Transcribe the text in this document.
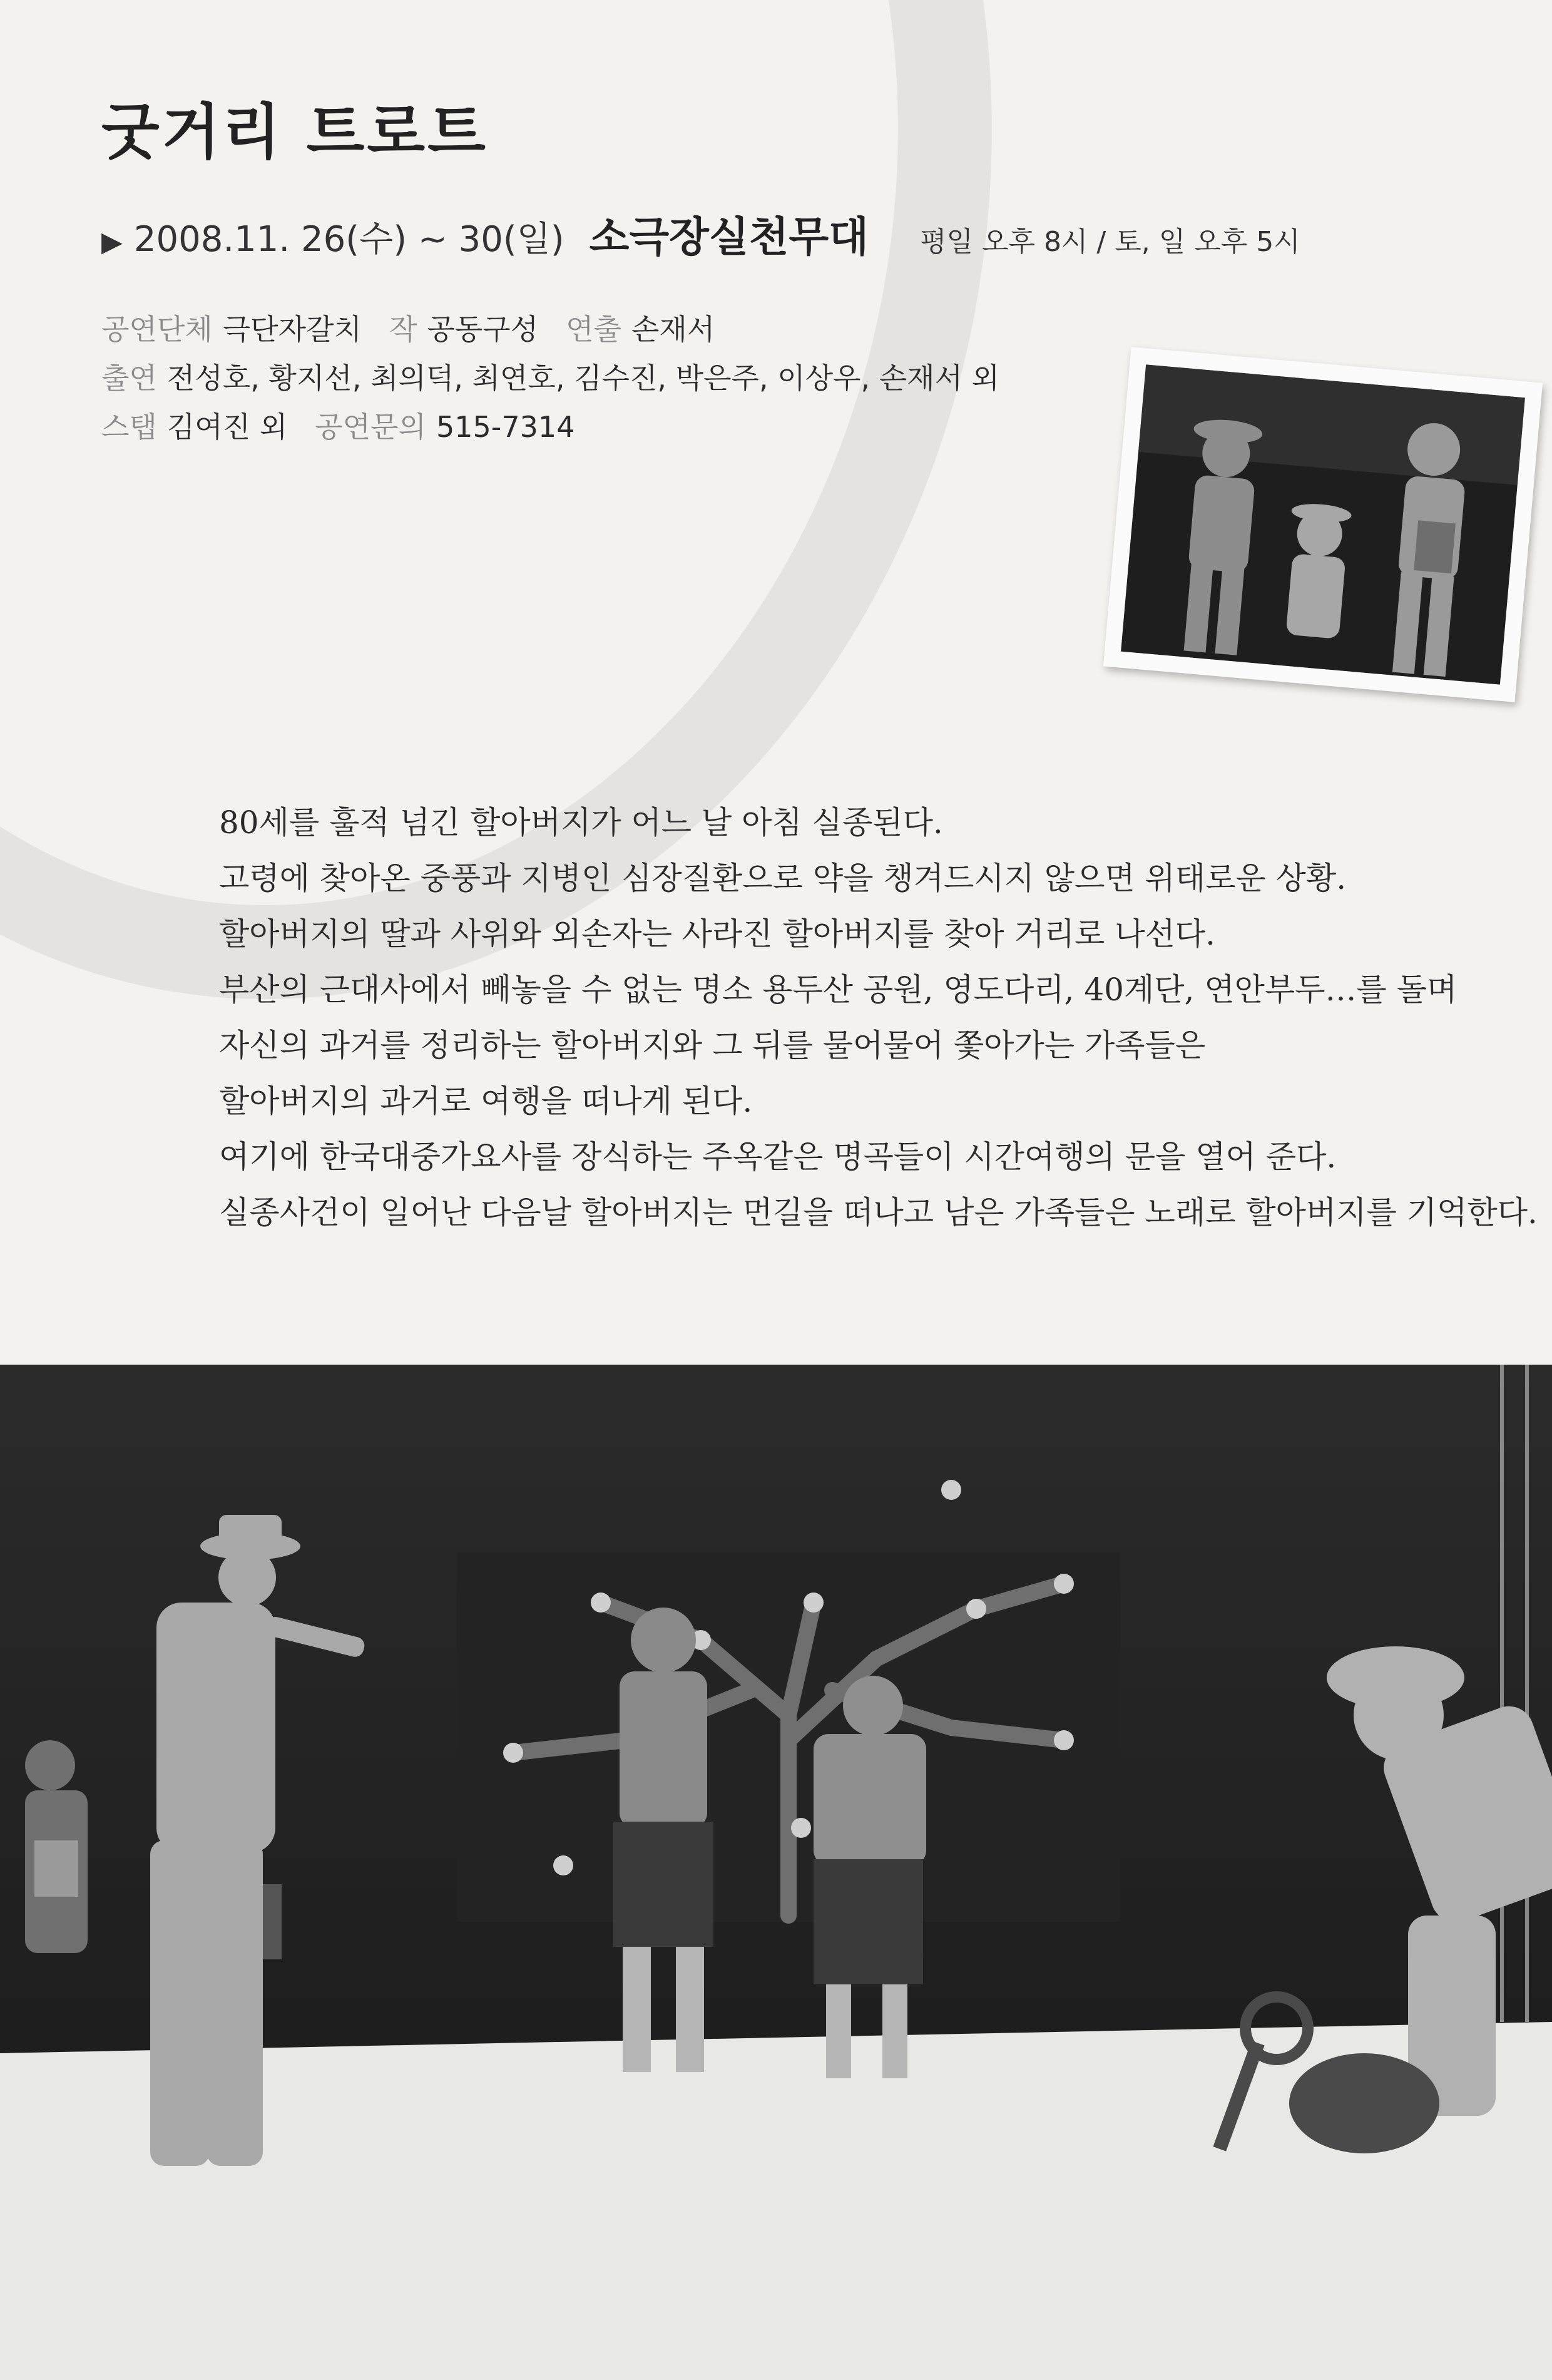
굿거리 트로트
▶ 2008.11. 26(수) ~ 30(일) 소극장실천무대 평일 오후 8시 / 토, 일 오후 5시
공연단체 극단자갈치 작 공동구성 연출 손재서
출연 전성호, 황지선, 최의덕, 최연호, 김수진, 박은주, 이상우, 손재서 외
스탭 김여진 외 공연문의 515-7314
80세를 훌적 넘긴 할아버지가 어느 날 아침 실종된다.
고령에 찾아온 중풍과 지병인 심장질환으로 약을 챙겨드시지 않으면 위태로운 상황.
할아버지의 딸과 사위와 외손자는 사라진 할아버지를 찾아 거리로 나선다.
부산의 근대사에서 빼놓을 수 없는 명소 용두산 공원, 영도다리, 40계단, 연안부두…를 돌며
자신의 과거를 정리하는 할아버지와 그 뒤를 물어물어 쫓아가는 가족들은
할아버지의 과거로 여행을 떠나게 된다.
여기에 한국대중가요사를 장식하는 주옥같은 명곡들이 시간여행의 문을 열어 준다.
실종사건이 일어난 다음날 할아버지는 먼길을 떠나고 남은 가족들은 노래로 할아버지를 기억한다.
